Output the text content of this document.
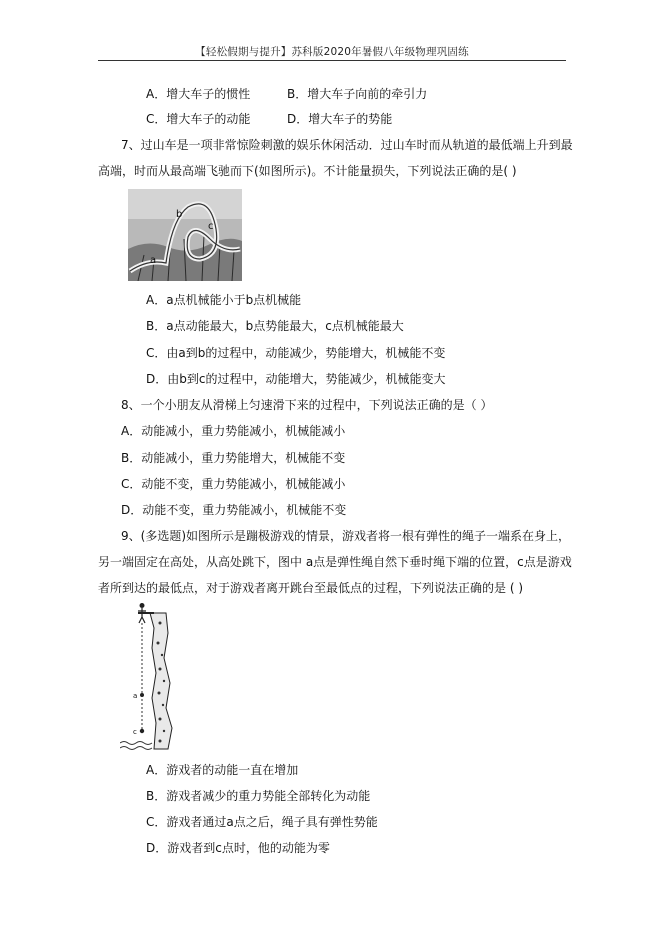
【轻松假期与提升】苏科版2020年暑假八年级物理巩固练
A．增大车子的惯性	B．增大车子向前的牵引力
C．增大车子的动能	D．增大车子的势能
7、过山车是一项非常惊险刺激的娱乐休闲活动．过山车时而从轨道的最低端上升到最
高端，时而从最高端飞驰而下(如图所示)。不计能量损失，下列说法正确的是( )
a
b
c
A．a点机械能小于b点机械能
B．a点动能最大，b点势能最大，c点机械能最大
C．由a到b的过程中，动能减少，势能增大，机械能不变
D．由b到c的过程中，动能增大，势能减少，机械能变大
8、一个小朋友从滑梯上匀速滑下来的过程中，下列说法正确的是（ ）
A．动能减小，重力势能减小，机械能减小
B．动能减小，重力势能增大，机械能不变
C．动能不变，重力势能减小，机械能减小
D．动能不变，重力势能减小，机械能不变
9、(多选题)如图所示是蹦极游戏的情景，游戏者将一根有弹性的绳子一端系在身上，
另一端固定在高处，从高处跳下，图中 a点是弹性绳自然下垂时绳下端的位置，c点是游戏
者所到达的最低点，对于游戏者离开跳台至最低点的过程，下列说法正确的是 ( )
a
c
A．游戏者的动能一直在增加
B．游戏者减少的重力势能全部转化为动能
C．游戏者通过a点之后，绳子具有弹性势能
D．游戏者到c点时，他的动能为零
